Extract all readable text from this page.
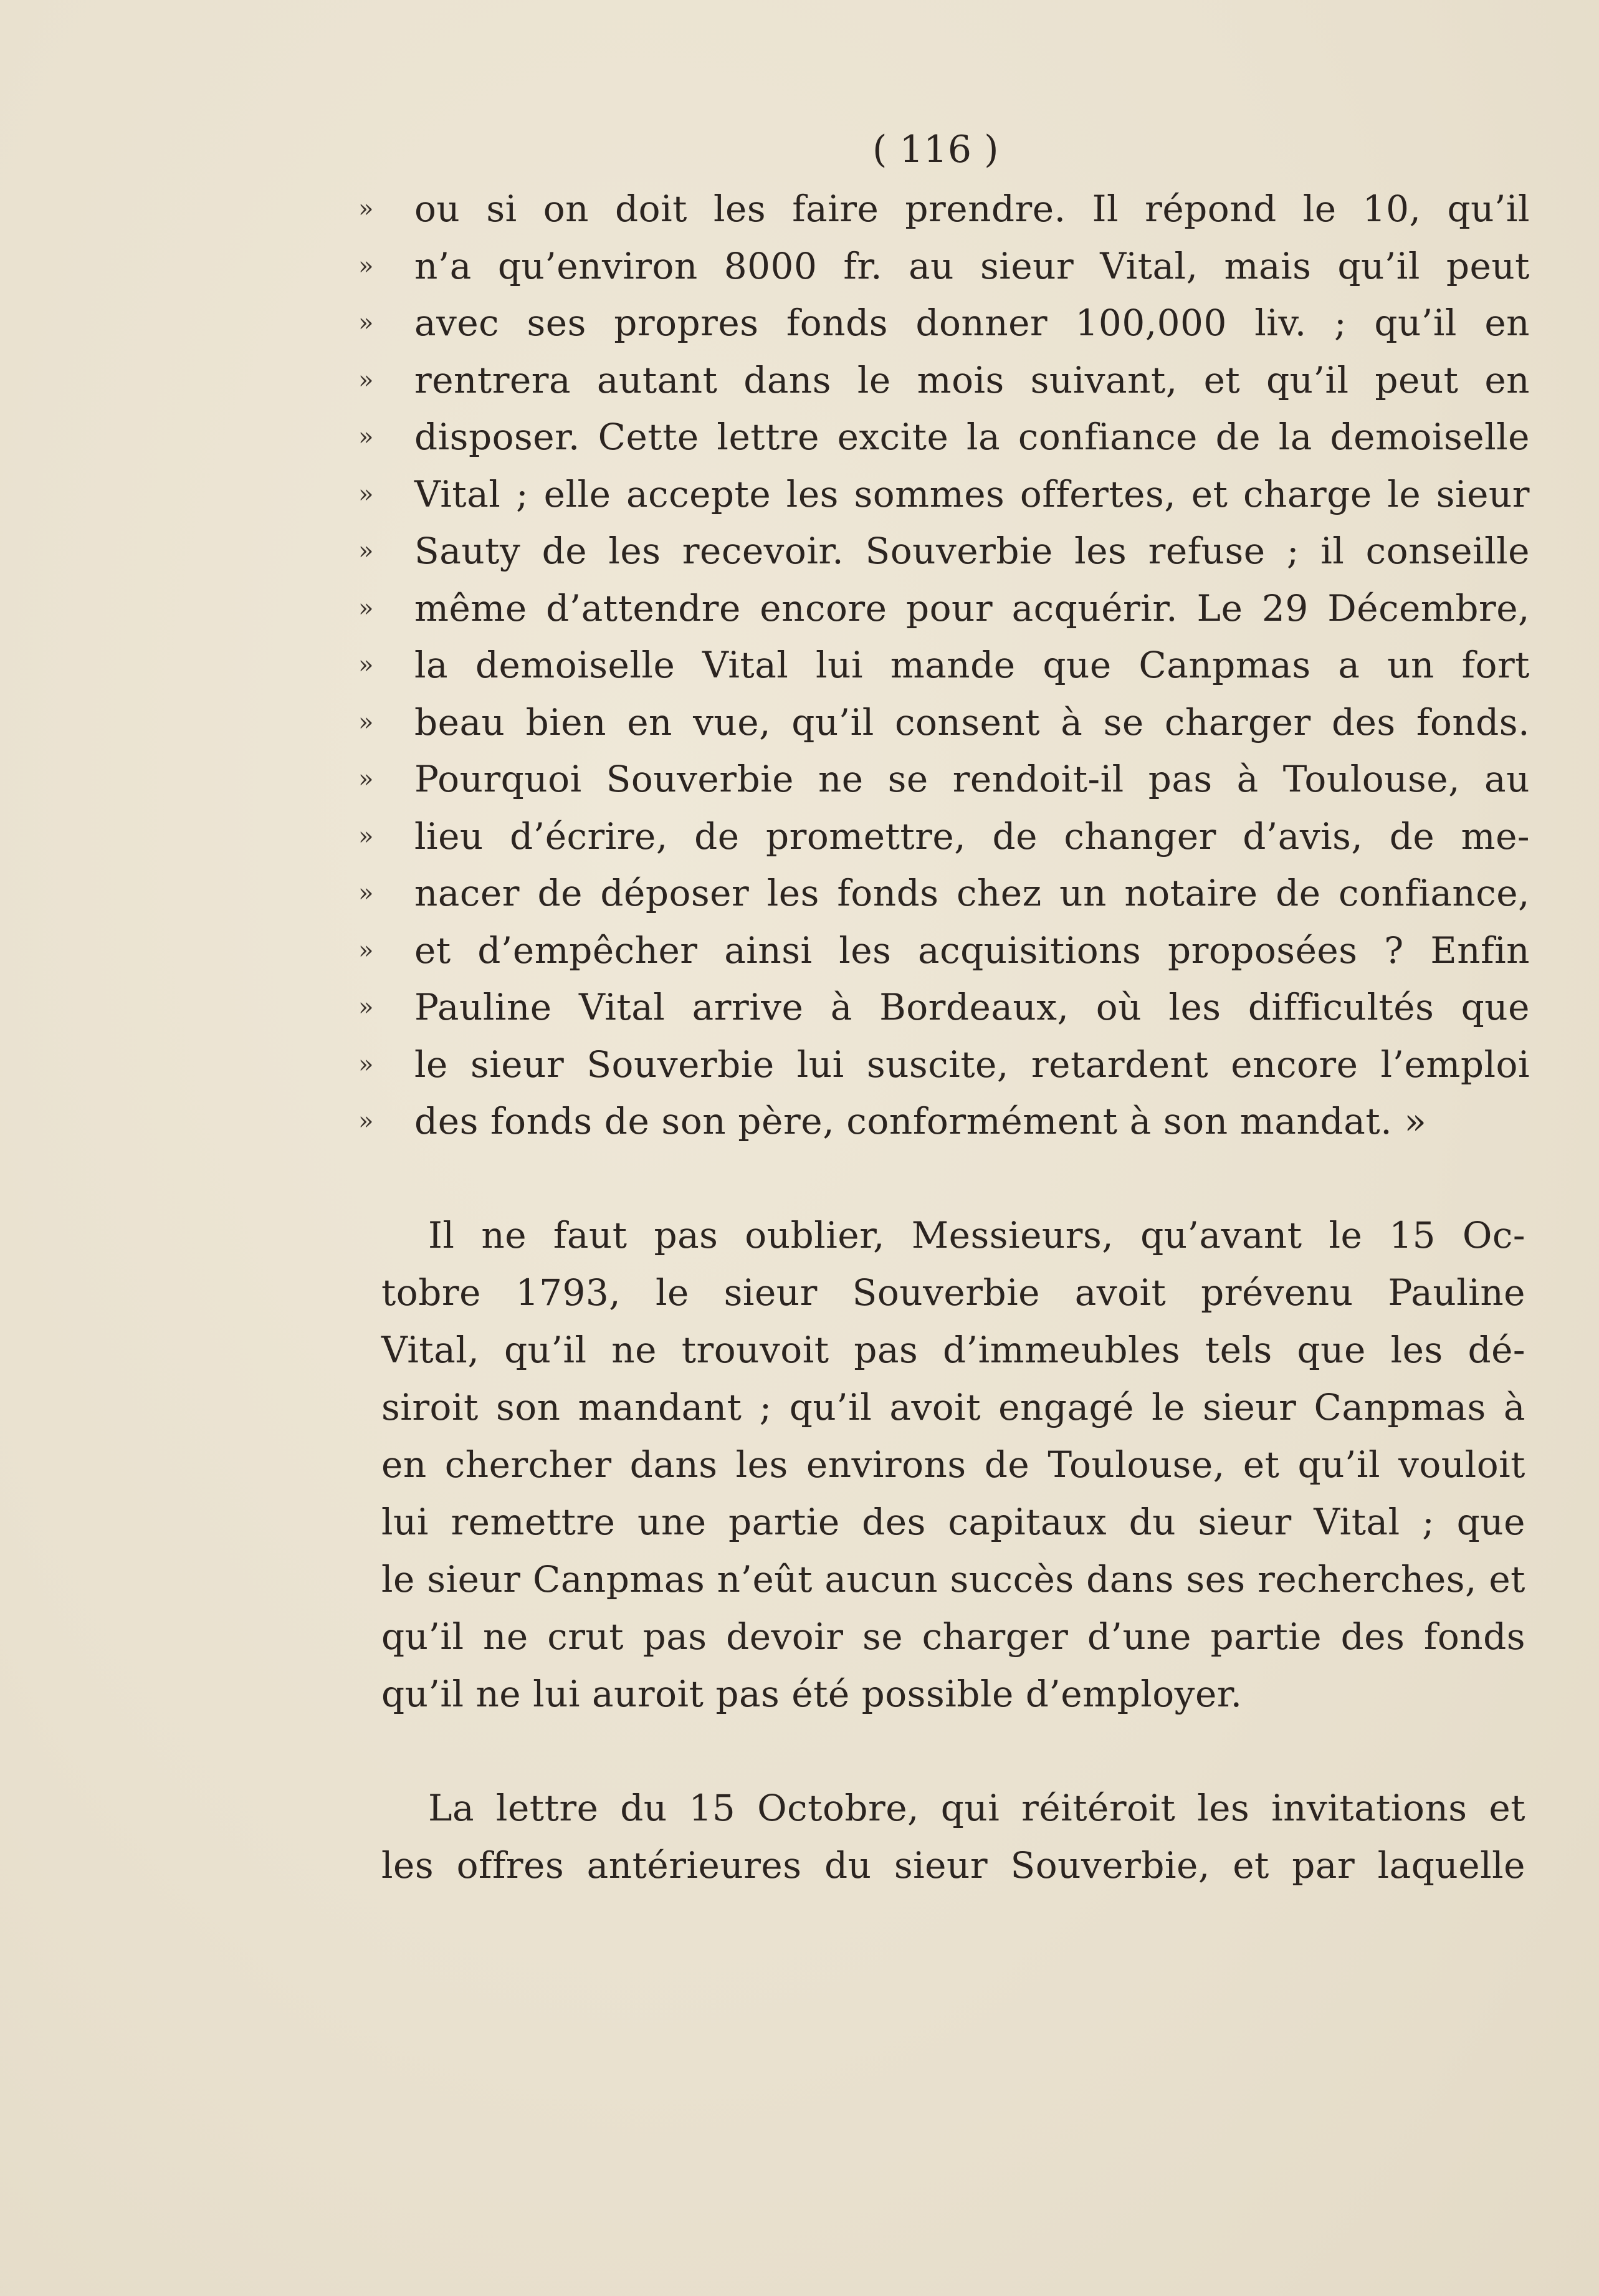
( 116 )
» ou si on doit les faire prendre. Il répond le 10, qu’il
» n’a qu’environ 8000 fr. au sieur Vital, mais qu’il peut
» avec ses propres fonds donner 100,000 liv. ; qu’il en
» rentrera autant dans le mois suivant, et qu’il peut en
» disposer. Cette lettre excite la confiance de la demoiselle
» Vital ; elle accepte les sommes offertes, et charge le sieur
» Sauty de les recevoir. Souverbie les refuse ; il conseille
» même d’attendre encore pour acquérir. Le 29 Décembre,
» la demoiselle Vital lui mande que Canpmas a un fort
» beau bien en vue, qu’il consent à se charger des fonds.
» Pourquoi Souverbie ne se rendoit-il pas à Toulouse, au
» lieu d’écrire, de promettre, de changer d’avis, de me-
» nacer de déposer les fonds chez un notaire de confiance,
» et d’empêcher ainsi les acquisitions proposées ? Enfin
» Pauline Vital arrive à Bordeaux, où les difficultés que
» le sieur Souverbie lui suscite, retardent encore l’emploi
» des fonds de son père, conformément à son mandat. »
Il ne faut pas oublier, Messieurs, qu’avant le 15 Oc-
tobre 1793, le sieur Souverbie avoit prévenu Pauline
Vital, qu’il ne trouvoit pas d’immeubles tels que les dé-
siroit son mandant ; qu’il avoit engagé le sieur Canpmas à
en chercher dans les environs de Toulouse, et qu’il vouloit
lui remettre une partie des capitaux du sieur Vital ; que
le sieur Canpmas n’eût aucun succès dans ses recherches, et
qu’il ne crut pas devoir se charger d’une partie des fonds
qu’il ne lui auroit pas été possible d’employer.
La lettre du 15 Octobre, qui réitéroit les invitations et
les offres antérieures du sieur Souverbie, et par laquelle
